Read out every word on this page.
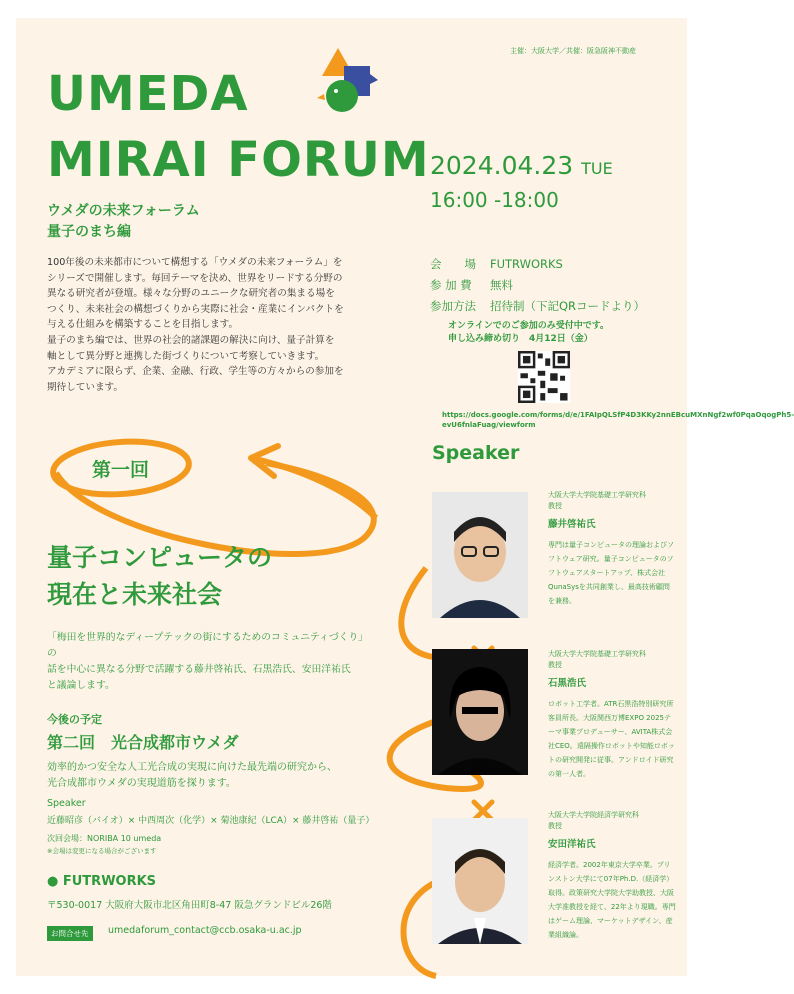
主催：大阪大学／共催：阪急阪神不動産
UMEDA
MIRAI FORUM
ウメダの未来フォーラム
量子のまち編
100年後の未来都市について構想する「ウメダの未来フォーラム」を
シリーズで開催します。毎回テーマを決め、世界をリードする分野の
異なる研究者が登壇。様々な分野のユニークな研究者の集まる場を
つくり、未来社会の構想づくりから実際に社会・産業にインパクトを
与える仕組みを構築することを目指します。
量子のまち編では、世界の社会的諸課題の解決に向け、量子計算を
軸として異分野と連携した街づくりについて考察していきます。
アカデミアに限らず、企業、金融、行政、学生等の方々からの参加を
期待しています。
2024.04.23 TUE
16:00 -18:00
会　　場 FUTRWORKS
参 加 費 無料
参加方法 招待制（下記QRコードより）
オンラインでのご参加のみ受付中です。
申し込み締め切り　4月12日（金）
https://docs.google.com/forms/d/e/1FAIpQLSfP4D3KKy2nnEBcuMXnNgf2wf0PqaOqogPh5-evU6fnlaFuag/viewform
Speaker
大阪大学大学院基礎工学研究科
教授
藤井啓祐氏
専門は量子コンピュータの理論およびソフトウェア研究。量子コンピュータのソフトウェアスタートアップ、株式会社QunaSysを共同創業し、最高技術顧問を兼務。
大阪大学大学院基礎工学研究科
教授
石黒浩氏
ロボット工学者。ATR石黒浩特別研究所客員所長。大阪関西万博EXPO 2025テーマ事業プロデューサー、AVITA株式会社CEO。遠隔操作ロボットや知能ロボットの研究開発に従事。アンドロイド研究の第一人者。
大阪大学大学院経済学研究科
教授
安田洋祐氏
経済学者。2002年東京大学卒業。プリンストン大学にて07年Ph.D.（経済学）取得。政策研究大学院大学助教授、大阪大学准教授を経て、22年より現職。専門はゲーム理論、マーケットデザイン、産業組織論。
第一回
量子コンピュータの
現在と未来社会
「梅田を世界的なディープテックの街にするためのコミュニティづくり」の
話を中心に異なる分野で活躍する藤井啓祐氏、石黒浩氏、安田洋祐氏
と議論します。
今後の予定
第二回　光合成都市ウメダ
効率的かつ安全な人工光合成の実現に向けた最先端の研究から、
光合成都市ウメダの実現道筋を探ります。
Speaker
近藤昭彦（バイオ）× 中西周次（化学）× 菊池康紀（LCA）× 藤井啓祐（量子）
次回会場：NORIBA 10 umeda
※会場は変更になる場合がございます
● FUTRWORKS
〒530-0017 大阪府大阪市北区角田町8-47 阪急グランドビル26階
お問合せ先	umedaforum_contact@ccb.osaka-u.ac.jp
